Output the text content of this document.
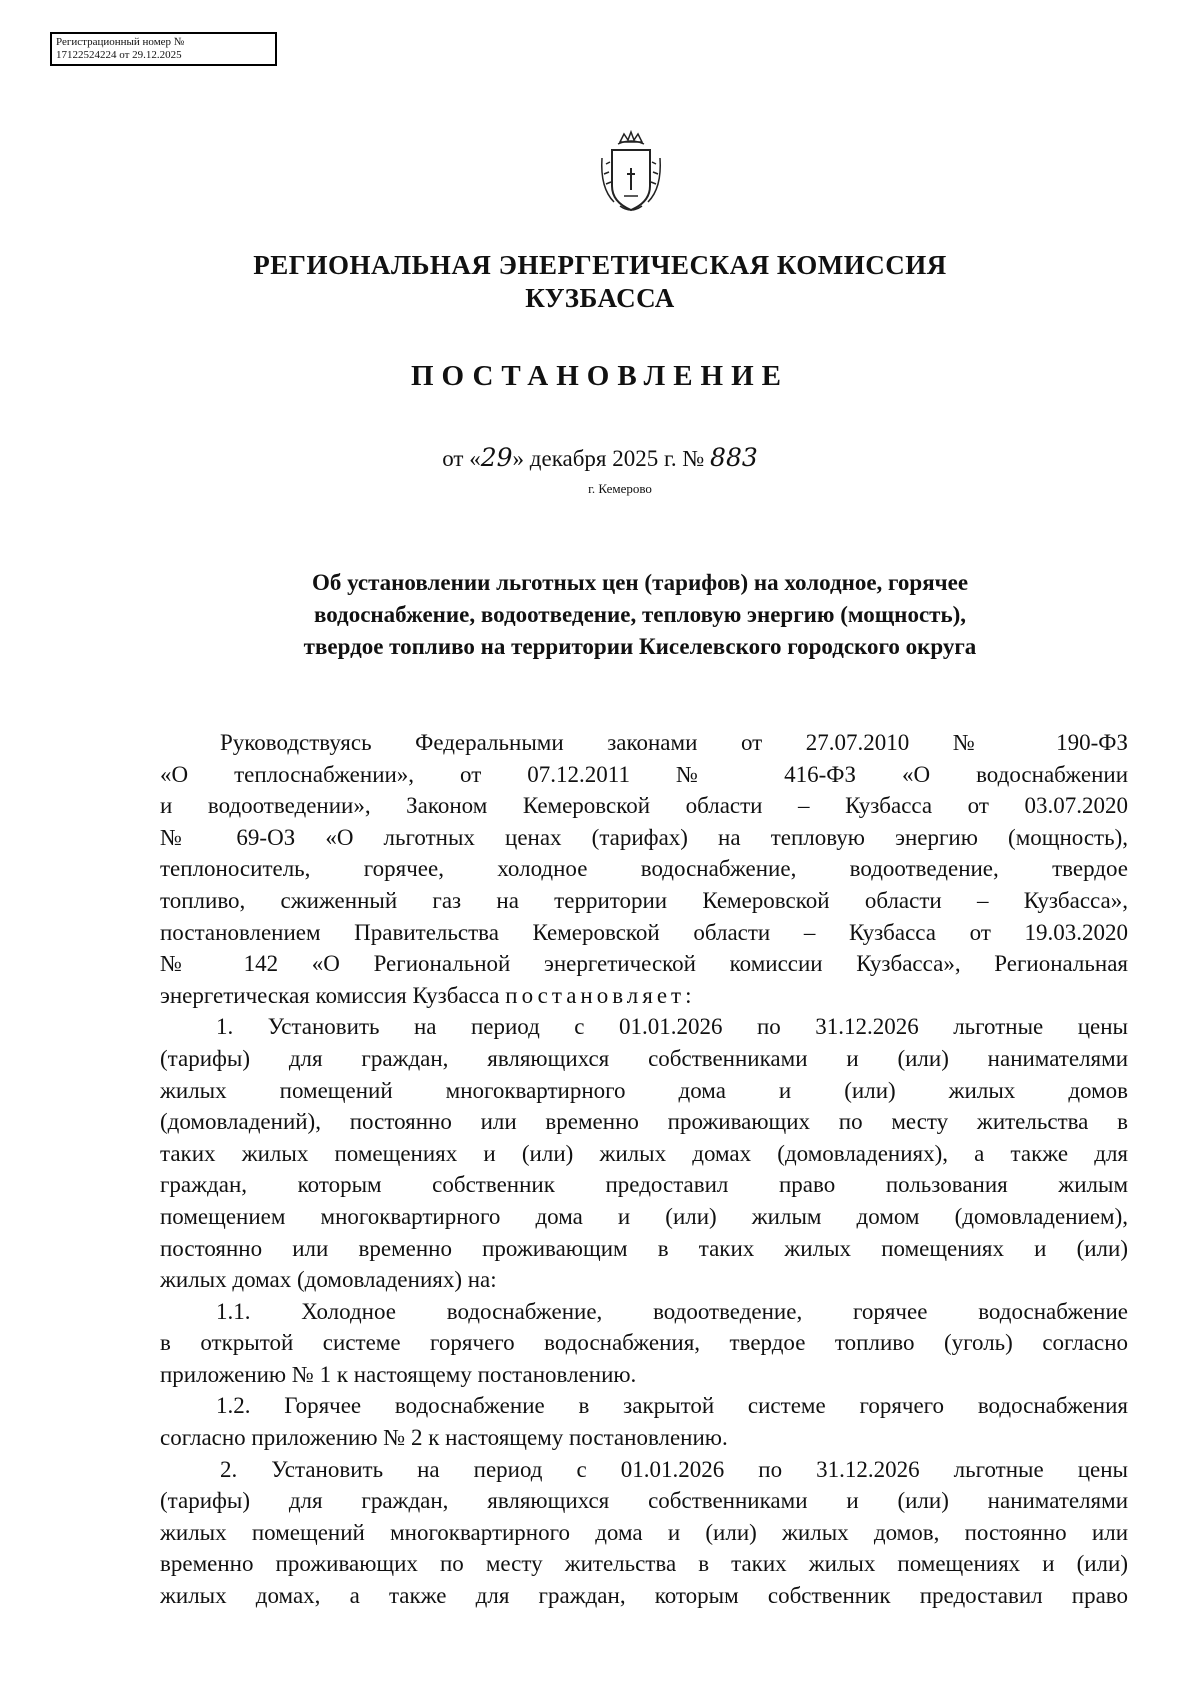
Регистрационный номер №
17122524224 от 29.12.2025
РЕГИОНАЛЬНАЯ ЭНЕРГЕТИЧЕСКАЯ КОМИССИЯ
КУЗБАССА
ПОСТАНОВЛЕНИЕ
от «29» декабря 2025 г. № 883
г. Кемерово
Об установлении льготных цен (тарифов) на холодное, горячее
водоснабжение, водоотведение, тепловую энергию (мощность),
твердое топливо на территории Киселевского городского округа
Руководствуясь Федеральными законами от 27.07.2010 № 190-ФЗ
«О теплоснабжении», от 07.12.2011 № 416-ФЗ «О водоснабжении
и водоотведении», Законом Кемеровской области – Кузбасса от 03.07.2020
№ 69-ОЗ «О льготных ценах (тарифах) на тепловую энергию (мощность),
теплоноситель, горячее, холодное водоснабжение, водоотведение, твердое
топливо, сжиженный газ на территории Кемеровской области – Кузбасса»,
постановлением Правительства Кемеровской области – Кузбасса от 19.03.2020
№ 142 «О Региональной энергетической комиссии Кузбасса», Региональная
энергетическая комиссия Кузбасса постановляет:
1. Установить на период с 01.01.2026 по 31.12.2026 льготные цены
(тарифы) для граждан, являющихся собственниками и (или) нанимателями
жилых помещений многоквартирного дома и (или) жилых домов
(домовладений), постоянно или временно проживающих по месту жительства в
таких жилых помещениях и (или) жилых домах (домовладениях), а также для
граждан, которым собственник предоставил право пользования жилым
помещением многоквартирного дома и (или) жилым домом (домовладением),
постоянно или временно проживающим в таких жилых помещениях и (или)
жилых домах (домовладениях) на:
1.1. Холодное водоснабжение, водоотведение, горячее водоснабжение
в открытой системе горячего водоснабжения, твердое топливо (уголь) согласно
приложению № 1 к настоящему постановлению.
1.2. Горячее водоснабжение в закрытой системе горячего водоснабжения
согласно приложению № 2 к настоящему постановлению.
2. Установить на период с 01.01.2026 по 31.12.2026 льготные цены
(тарифы) для граждан, являющихся собственниками и (или) нанимателями
жилых помещений многоквартирного дома и (или) жилых домов, постоянно или
временно проживающих по месту жительства в таких жилых помещениях и (или)
жилых домах, а также для граждан, которым собственник предоставил право
